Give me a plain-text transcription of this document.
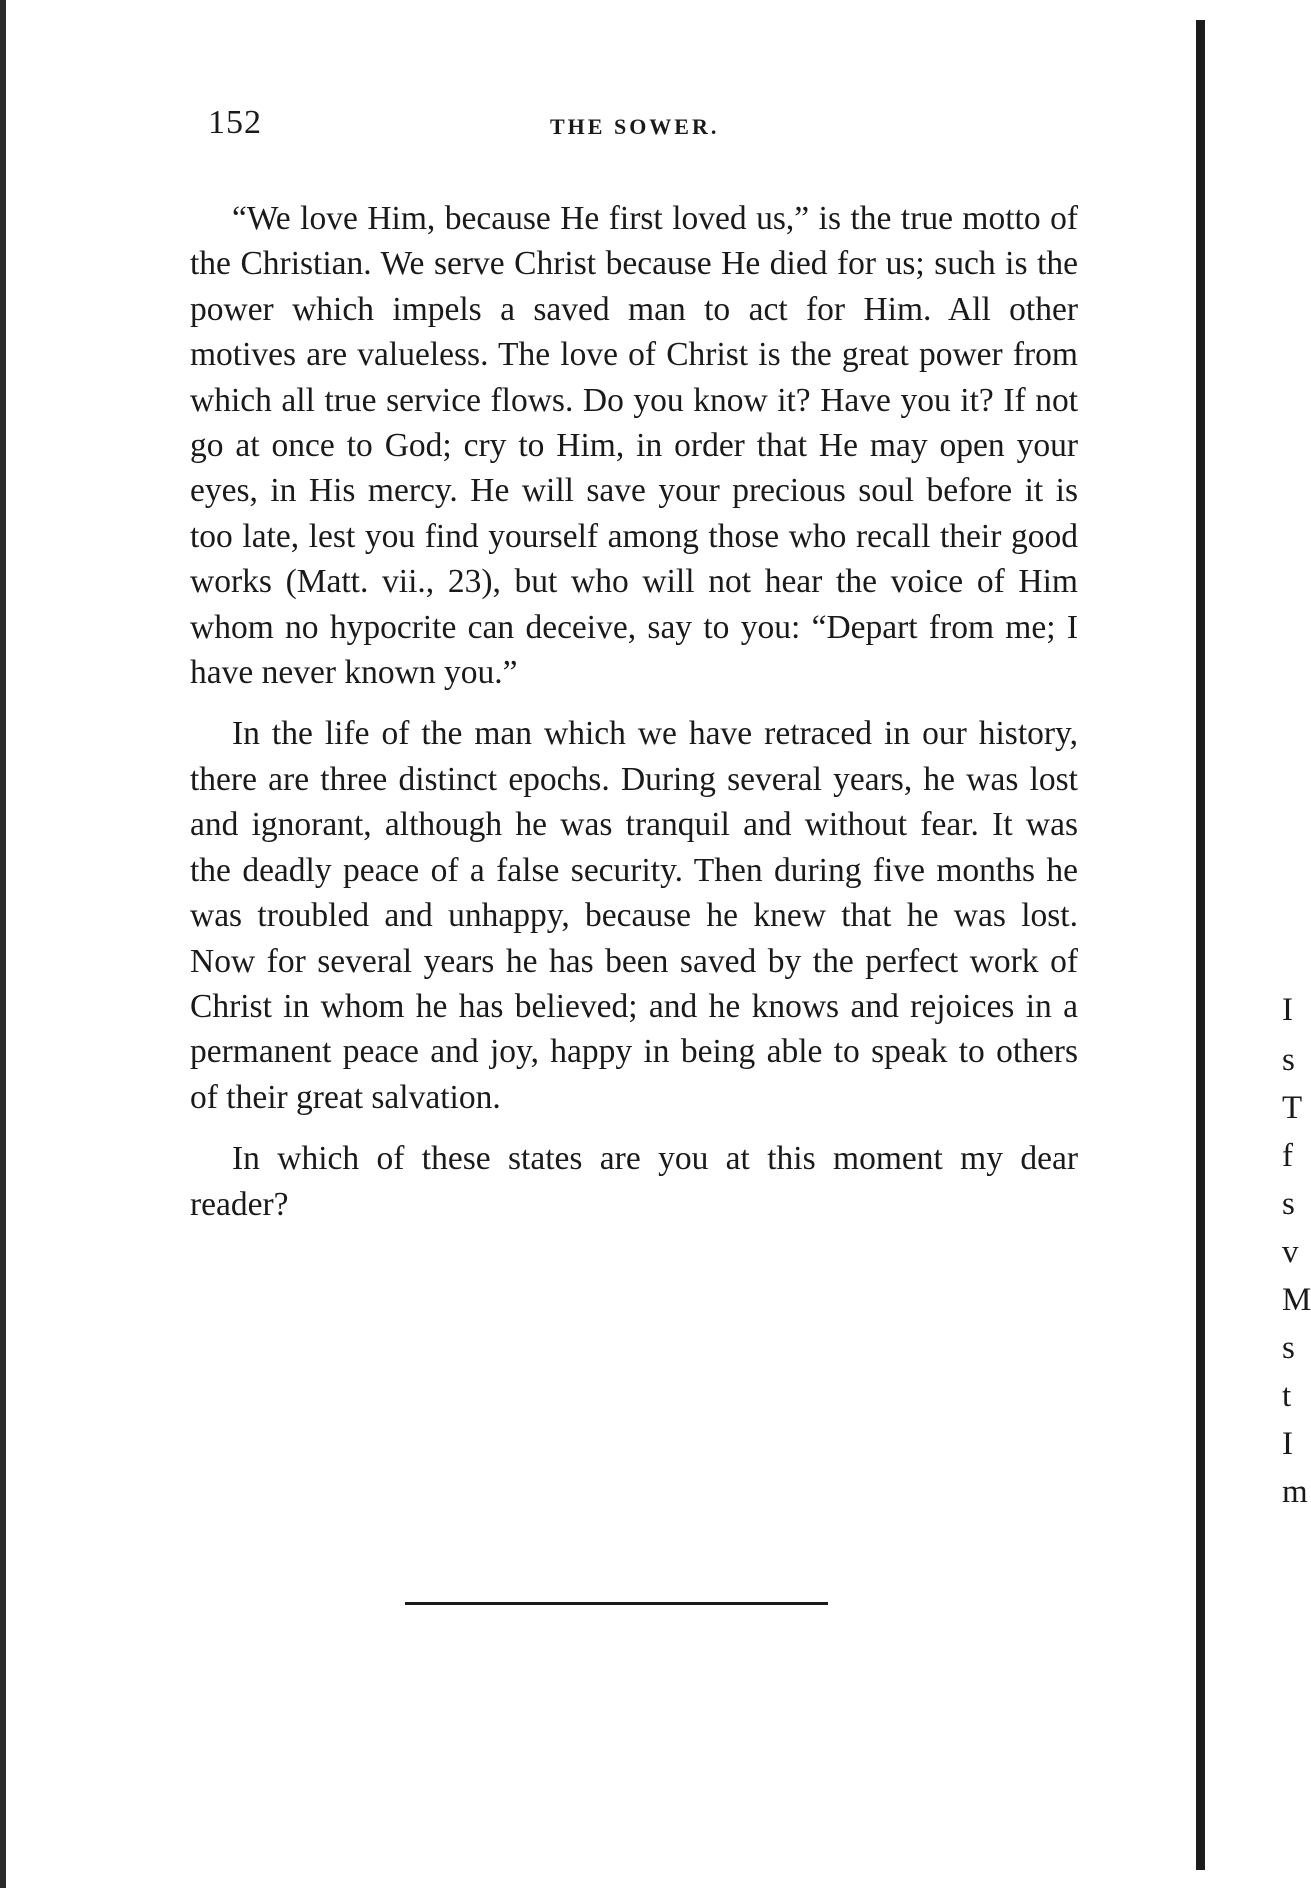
152	THE SOWER.

“We love Him, because He first loved us,” is the true motto of the Christian. We serve Christ because He died for us; such is the power which impels a saved man to act for Him. All other motives are valueless. The love of Christ is the great power from which all true service flows. Do you know it? Have you it? If not go at once to God; cry to Him, in order that He may open your eyes, in His mercy. He will save your precious soul before it is too late, lest you find yourself among those who recall their good works (Matt. vii., 23), but who will not hear the voice of Him whom no hypocrite can deceive, say to you: “Depart from me; I have never known you.”

In the life of the man which we have retraced in our history, there are three distinct epochs. During several years, he was lost and ignorant, although he was tranquil and without fear. It was the deadly peace of a false security. Then during five months he was troubled and unhappy, because he knew that he was lost. Now for several years he has been saved by the perfect work of Christ in whom he has believed; and he knows and rejoices in a permanent peace and joy, happy in being able to speak to others of their great salvation.

In which of these states are you at this moment my dear reader?

I
s
T
f
s
v
M
s
t
I
m
